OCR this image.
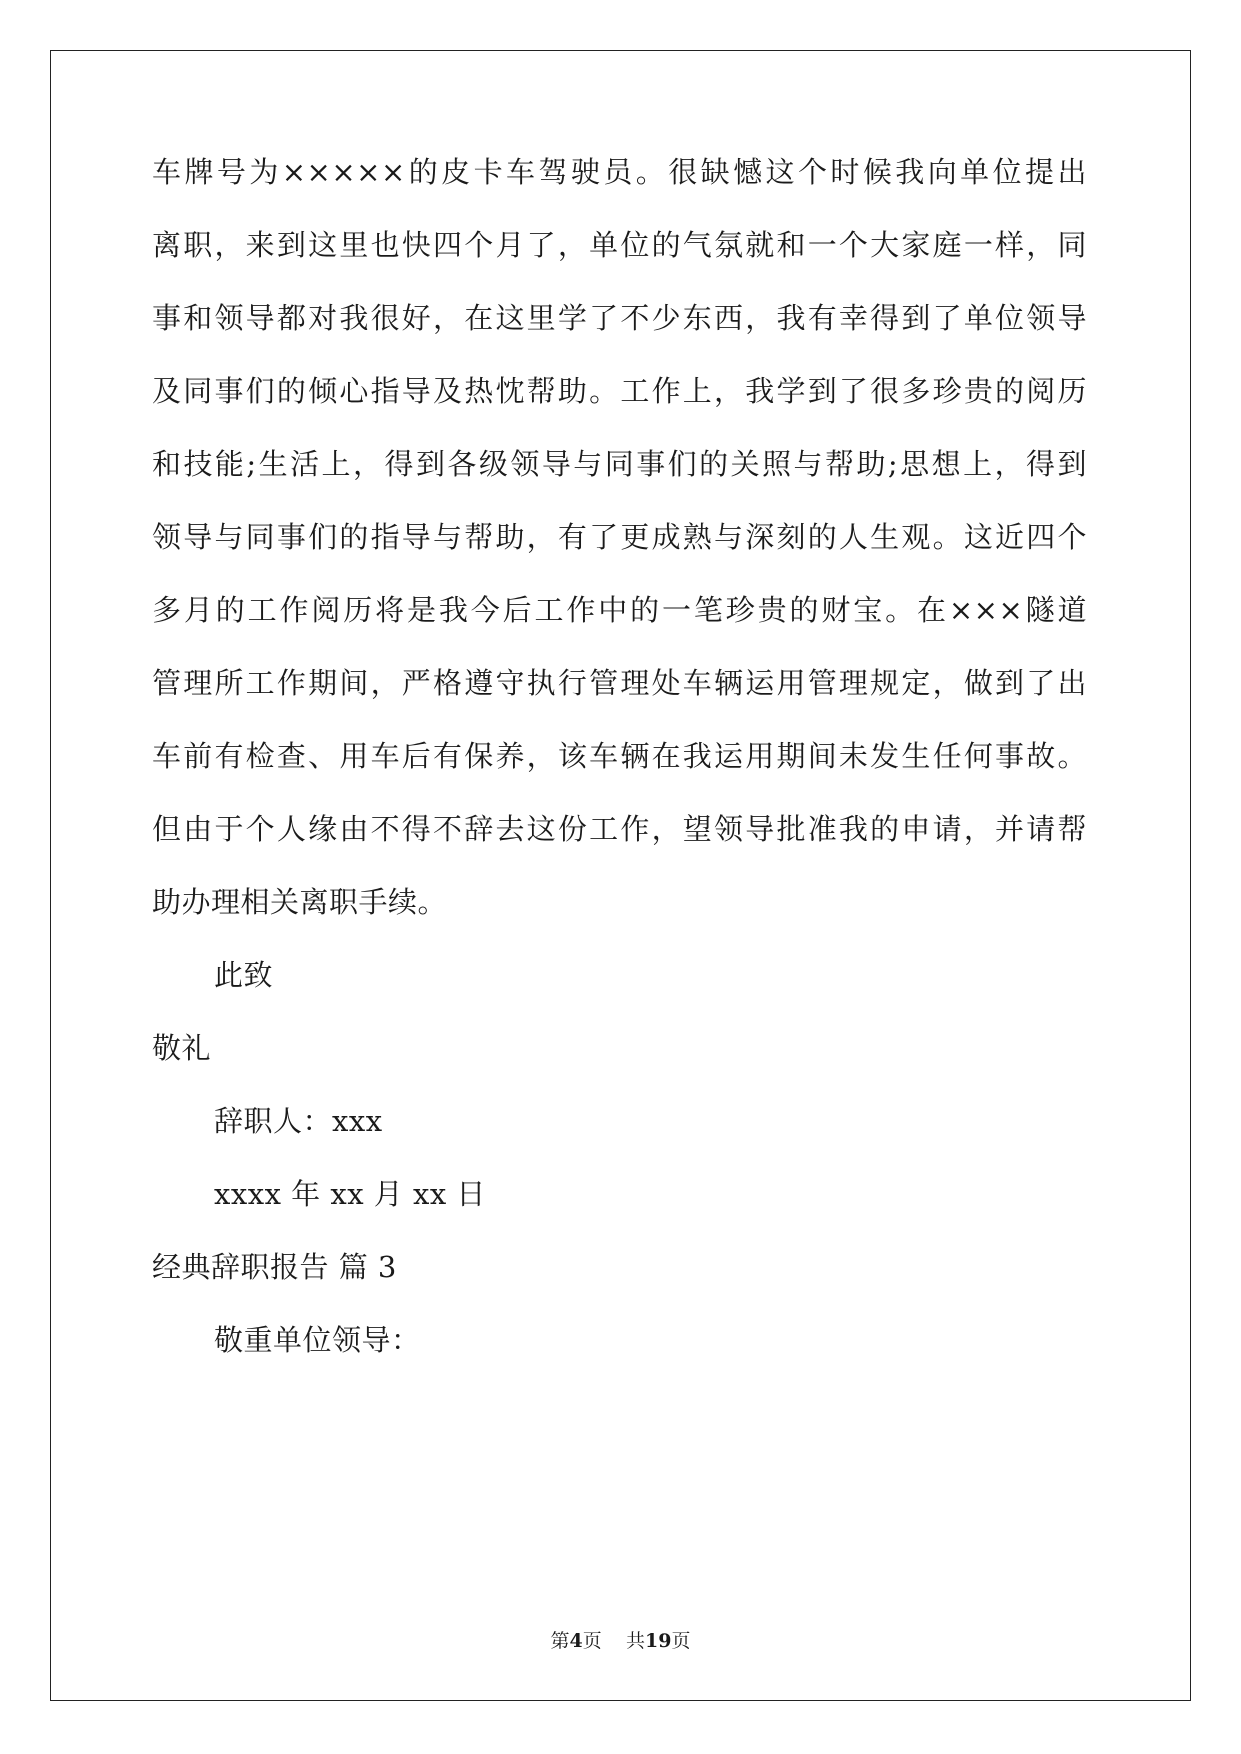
车牌号为×××××的皮卡车驾驶员。很缺憾这个时候我向单位提出
离职，来到这里也快四个月了，单位的气氛就和一个大家庭一样，同
事和领导都对我很好，在这里学了不少东西，我有幸得到了单位领导
及同事们的倾心指导及热忱帮助。工作上，我学到了很多珍贵的阅历
和技能;生活上，得到各级领导与同事们的关照与帮助;思想上，得到
领导与同事们的指导与帮助，有了更成熟与深刻的人生观。这近四个
多月的工作阅历将是我今后工作中的一笔珍贵的财宝。在×××隧道
管理所工作期间，严格遵守执行管理处车辆运用管理规定，做到了出
车前有检查、用车后有保养，该车辆在我运用期间未发生任何事故。
但由于个人缘由不得不辞去这份工作，望领导批准我的申请，并请帮
助办理相关离职手续。
此致
敬礼
辞职人：xxx
xxxx 年 xx 月 xx 日
经典辞职报告 篇 3
敬重单位领导：
第4页 共19页
